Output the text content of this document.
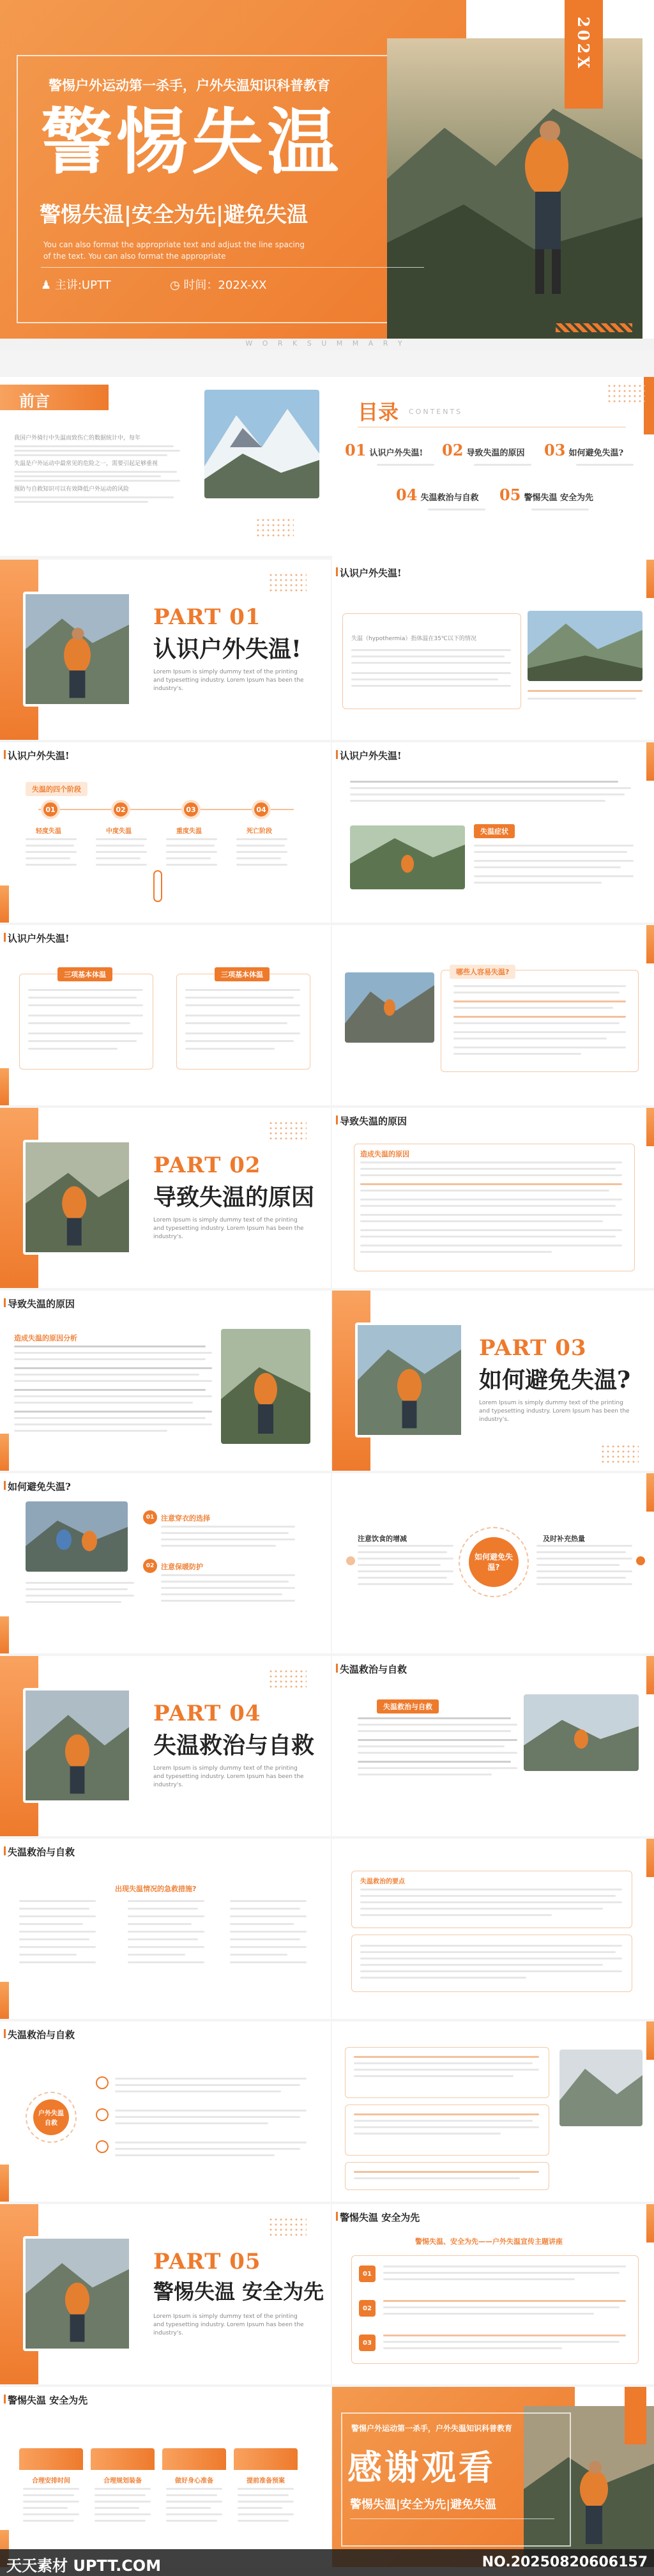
202X
警惕户外运动第一杀手，户外失温知识科普教育
警惕失温
警惕失温|安全为先|避免失温
You can also format the appropriate text and adjust the line spacing of the text. You can also format the appropriate
♟ 主讲:UPTT	◷ 时间：202X-XX
W O R K S U M M A R Y
前言
我国户外骑行中失温而致伤亡的数据统计中，每年
失温是户外运动中最常见的危险之一，需要引起足够重视
预防与自救知识可以有效降低户外运动的风险
目录 CONTENTS
01 认识户外失温! 02 导致失温的原因 03 如何避免失温?
04 失温救治与自救 05 警惕失温 安全为先
PART 01
认识户外失温!
Lorem Ipsum is simply dummy text of the printing and typesetting industry. Lorem Ipsum has been the industry's.
认识户外失温!
失温（hypothermia）指体温在35℃以下的情况
认识户外失温!
失温的四个阶段
01	02	03	04
轻度失温	中度失温	重度失温	死亡阶段
认识户外失温!
失温症状
认识户外失温!
三项基本体温	三项基本体温	哪些人容易失温?
PART 02
导致失温的原因
Lorem Ipsum is simply dummy text of the printing and typesetting industry. Lorem Ipsum has been the industry's.
导致失温的原因
造成失温的原因
导致失温的原因
造成失温的原因分析	PART 03
如何避免失温?
Lorem Ipsum is simply dummy text of the printing and typesetting industry. Lorem Ipsum has been the industry's.
如何避免失温?
01 注意穿衣的选择
02 注意保暖防护
注意饮食的增减	及时补充热量
如何避免失温?
PART 04
失温救治与自救
Lorem Ipsum is simply dummy text of the printing and typesetting industry. Lorem Ipsum has been the industry's.
失温救治与自救
失温救治与自救
失温救治与自救
出现失温情况的急救措施?
失温救治的要点
失温救治与自救
户外失温自救
PART 05
警惕失温 安全为先
Lorem Ipsum is simply dummy text of the printing and typesetting industry. Lorem Ipsum has been the industry's.
警惕失温 安全为先
警惕失温、安全为先——户外失温宣传主题讲座
01
02
03
警惕失温 安全为先
合理安排时间	合理规划装备	做好身心准备	提前准备预案
警惕户外运动第一杀手，户外失温知识科普教育
感谢观看
警惕失温|安全为先|避免失温
天天素材 UPTT.COM	NO.20250820606157
